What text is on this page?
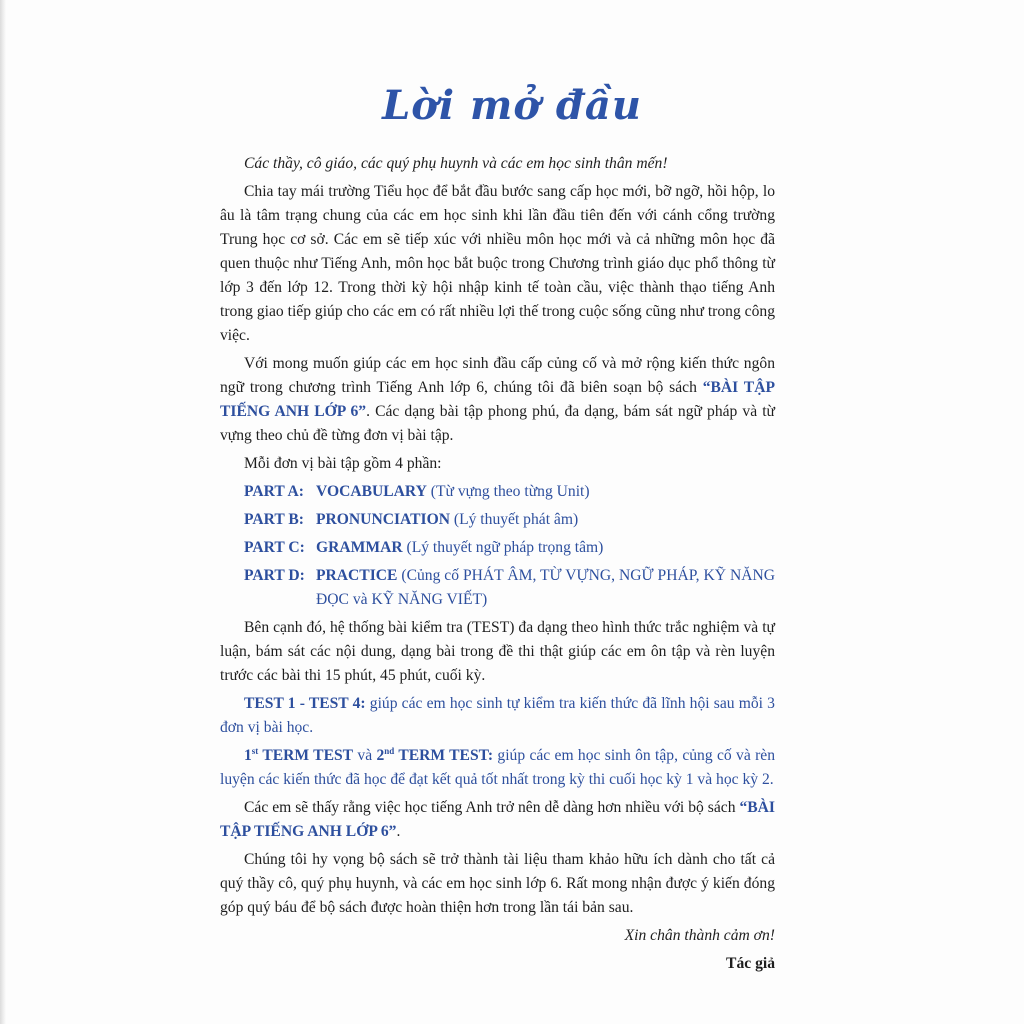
Lời mở đầu

Các thầy, cô giáo, các quý phụ huynh và các em học sinh thân mến!

Chia tay mái trường Tiểu học để bắt đầu bước sang cấp học mới, bỡ ngỡ, hồi hộp, lo âu là tâm trạng chung của các em học sinh khi lần đầu tiên đến với cánh cổng trường Trung học cơ sở. Các em sẽ tiếp xúc với nhiều môn học mới và cả những môn học đã quen thuộc như Tiếng Anh, môn học bắt buộc trong Chương trình giáo dục phổ thông từ lớp 3 đến lớp 12. Trong thời kỳ hội nhập kinh tế toàn cầu, việc thành thạo tiếng Anh trong giao tiếp giúp cho các em có rất nhiều lợi thế trong cuộc sống cũng như trong công việc.

Với mong muốn giúp các em học sinh đầu cấp củng cố và mở rộng kiến thức ngôn ngữ trong chương trình Tiếng Anh lớp 6, chúng tôi đã biên soạn bộ sách “BÀI TẬP TIẾNG ANH LỚP 6”. Các dạng bài tập phong phú, đa dạng, bám sát ngữ pháp và từ vựng theo chủ đề từng đơn vị bài tập.

Mỗi đơn vị bài tập gồm 4 phần:

PART A: VOCABULARY (Từ vựng theo từng Unit)
PART B: PRONUNCIATION (Lý thuyết phát âm)
PART C: GRAMMAR (Lý thuyết ngữ pháp trọng tâm)
PART D: PRACTICE (Củng cố PHÁT ÂM, TỪ VỰNG, NGỮ PHÁP, KỸ NĂNG ĐỌC và KỸ NĂNG VIẾT)

Bên cạnh đó, hệ thống bài kiểm tra (TEST) đa dạng theo hình thức trắc nghiệm và tự luận, bám sát các nội dung, dạng bài trong đề thi thật giúp các em ôn tập và rèn luyện trước các bài thi 15 phút, 45 phút, cuối kỳ.

TEST 1 - TEST 4: giúp các em học sinh tự kiểm tra kiến thức đã lĩnh hội sau mỗi 3 đơn vị bài học.

1st TERM TEST và 2nd TERM TEST: giúp các em học sinh ôn tập, củng cố và rèn luyện các kiến thức đã học để đạt kết quả tốt nhất trong kỳ thi cuối học kỳ 1 và học kỳ 2.

Các em sẽ thấy rằng việc học tiếng Anh trở nên dễ dàng hơn nhiều với bộ sách “BÀI TẬP TIẾNG ANH LỚP 6”.

Chúng tôi hy vọng bộ sách sẽ trở thành tài liệu tham khảo hữu ích dành cho tất cả quý thầy cô, quý phụ huynh, và các em học sinh lớp 6. Rất mong nhận được ý kiến đóng góp quý báu để bộ sách được hoàn thiện hơn trong lần tái bản sau.

Xin chân thành cảm ơn!

Tác giả
